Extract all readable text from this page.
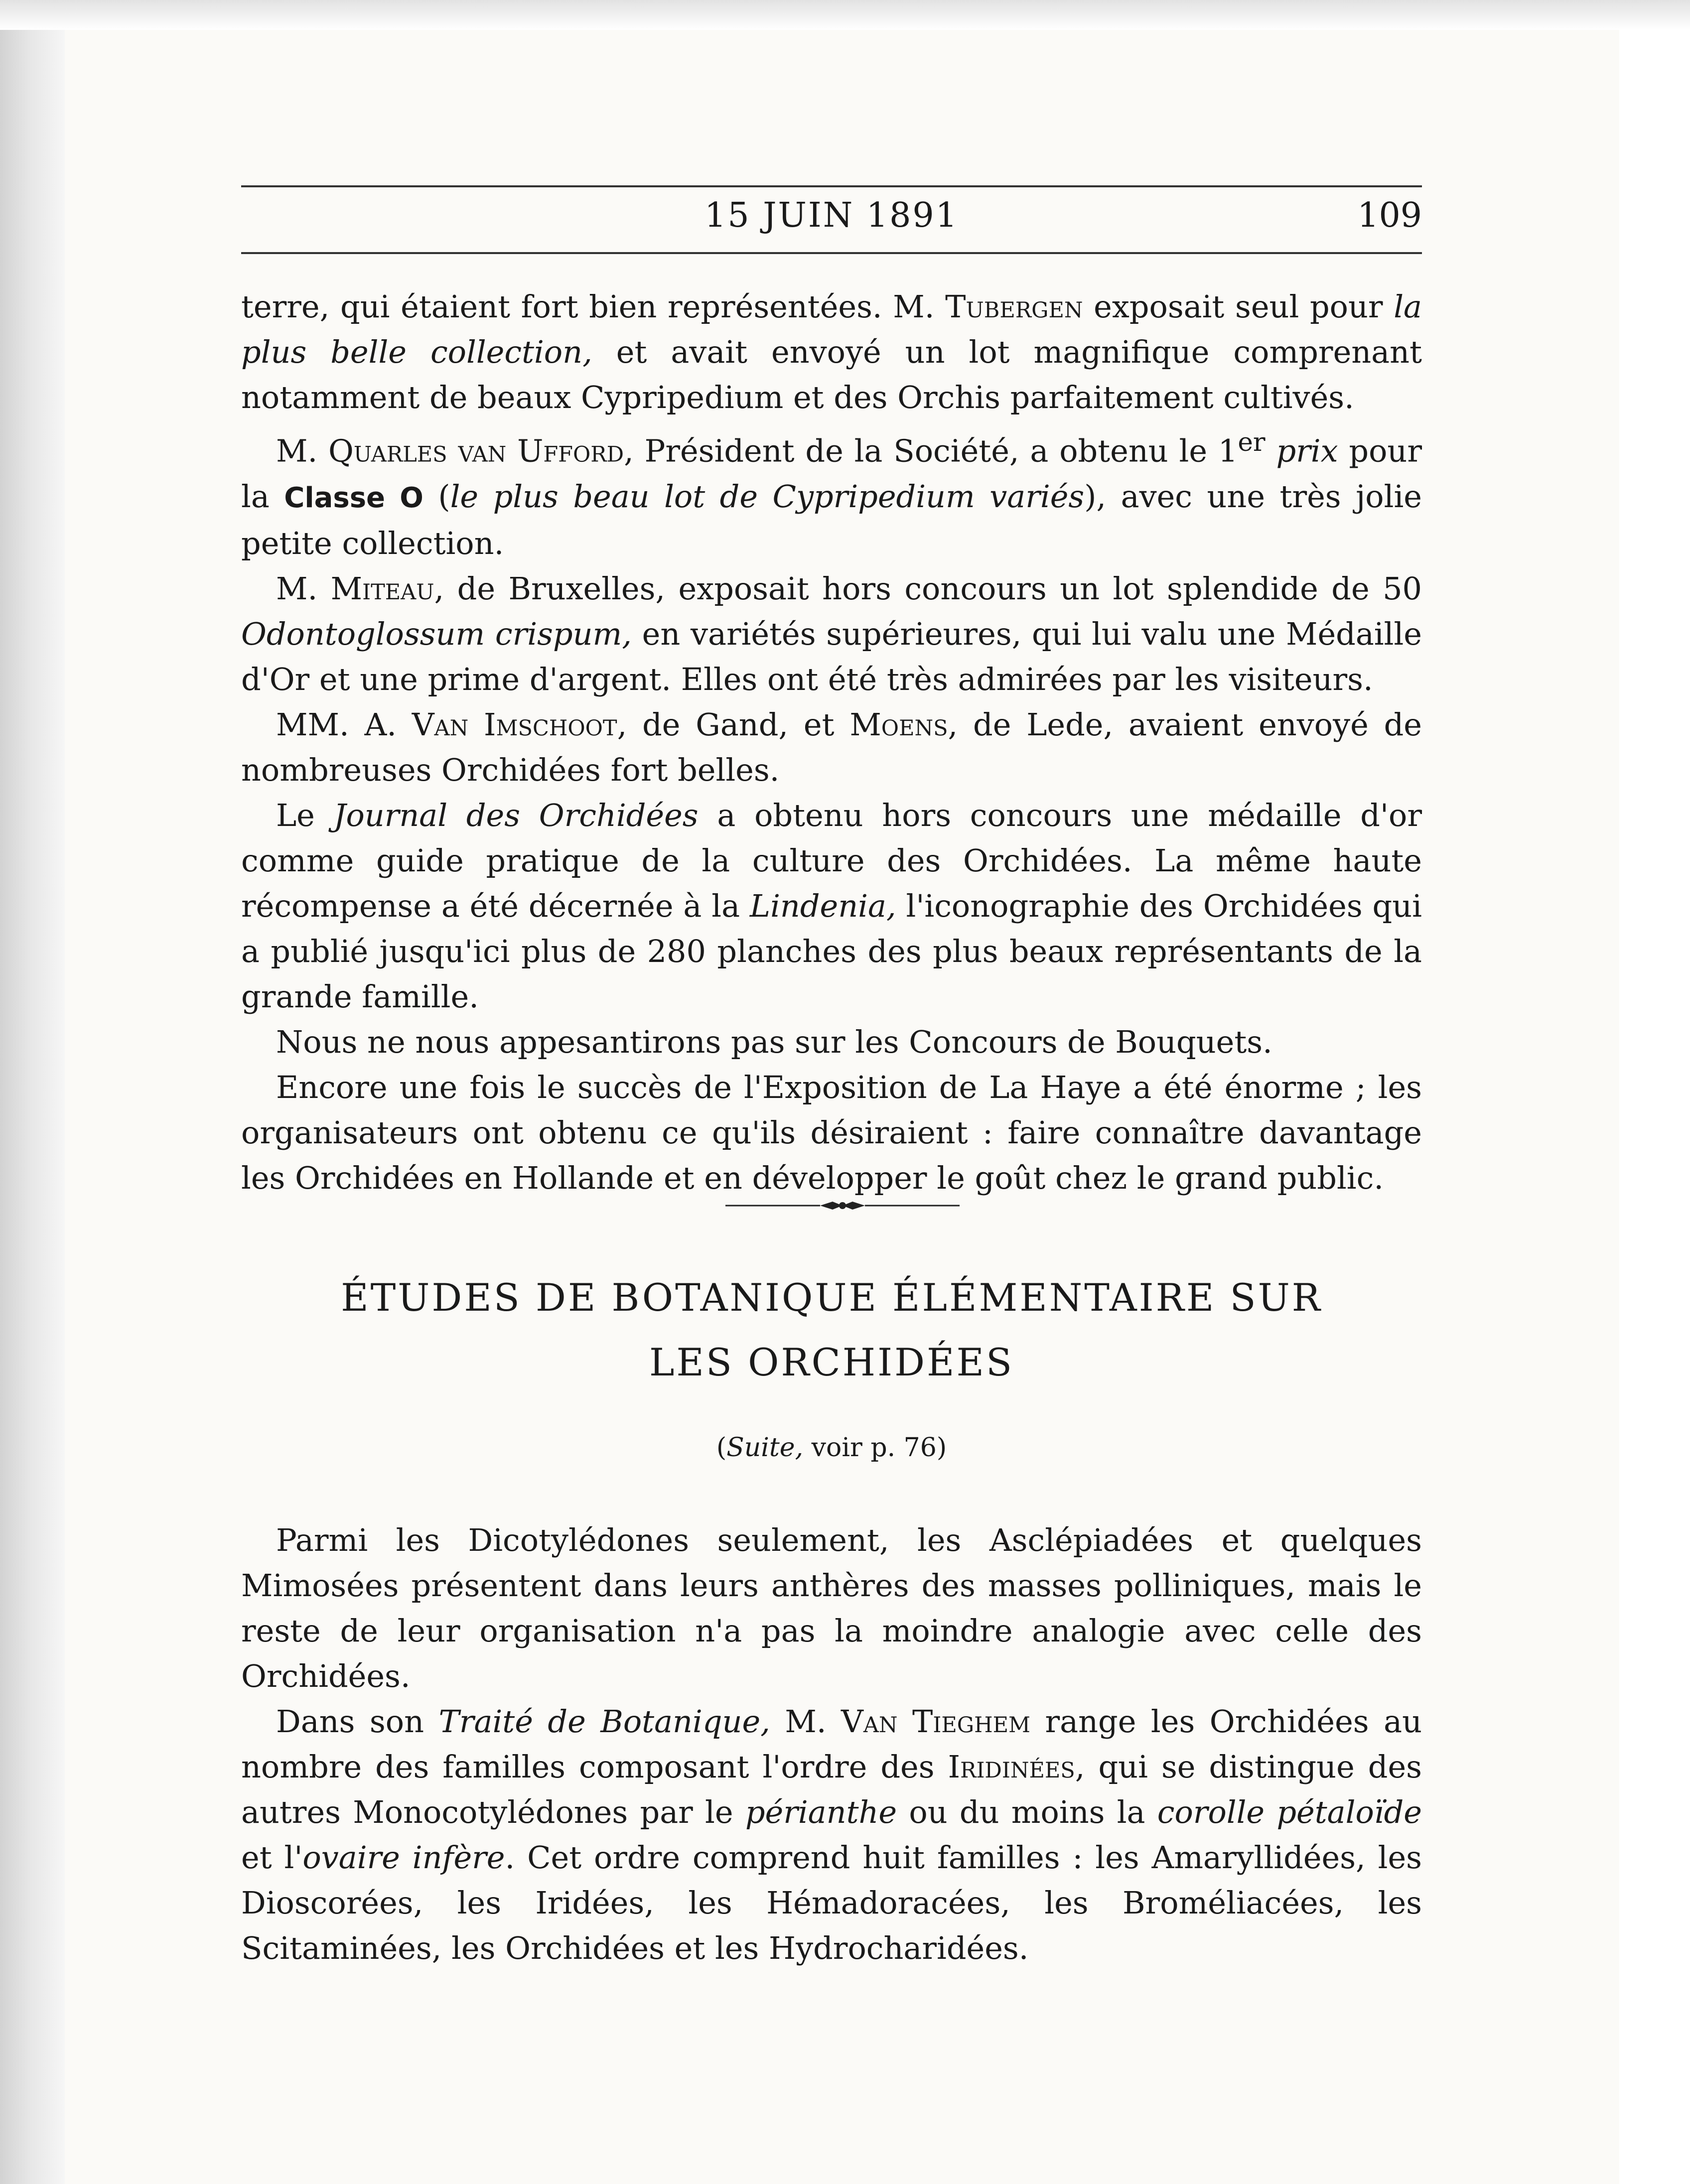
15 JUIN 1891	109

terre, qui étaient fort bien représentées. M. Tubergen exposait seul pour la plus belle collection, et avait envoyé un lot magnifique comprenant notamment de beaux Cypripedium et des Orchis parfaitement cultivés.

M. Quarles van Ufford, Président de la Société, a obtenu le 1er prix pour la Classe O (le plus beau lot de Cypripedium variés), avec une très jolie petite collection.

M. Miteau, de Bruxelles, exposait hors concours un lot splendide de 50 Odontoglossum crispum, en variétés supérieures, qui lui valu une Médaille d'Or et une prime d'argent. Elles ont été très admirées par les visiteurs.

MM. A. Van Imschoot, de Gand, et Moens, de Lede, avaient envoyé de nombreuses Orchidées fort belles.

Le Journal des Orchidées a obtenu hors concours une médaille d'or comme guide pratique de la culture des Orchidées. La même haute récompense a été décernée à la Lindenia, l'iconographie des Orchidées qui a publié jusqu'ici plus de 280 planches des plus beaux représentants de la grande famille.

Nous ne nous appesantirons pas sur les Concours de Bouquets.

Encore une fois le succès de l'Exposition de La Haye a été énorme ; les organisateurs ont obtenu ce qu'ils désiraient : faire connaître davantage les Orchidées en Hollande et en développer le goût chez le grand public.

ÉTUDES DE BOTANIQUE ÉLÉMENTAIRE SUR
LES ORCHIDÉES
(Suite, voir p. 76)

Parmi les Dicotylédones seulement, les Asclépiadées et quelques Mimosées présentent dans leurs anthères des masses polliniques, mais le reste de leur organisation n'a pas la moindre analogie avec celle des Orchidées.

Dans son Traité de Botanique, M. Van Tieghem range les Orchidées au nombre des familles composant l'ordre des Iridinées, qui se distingue des autres Monocotylédones par le périanthe ou du moins la corolle pétaloïde et l'ovaire infère. Cet ordre comprend huit familles : les Amaryllidées, les Dioscorées, les Iridées, les Hémadoracées, les Broméliacées, les Scitaminées, les Orchidées et les Hydrocharidées.
